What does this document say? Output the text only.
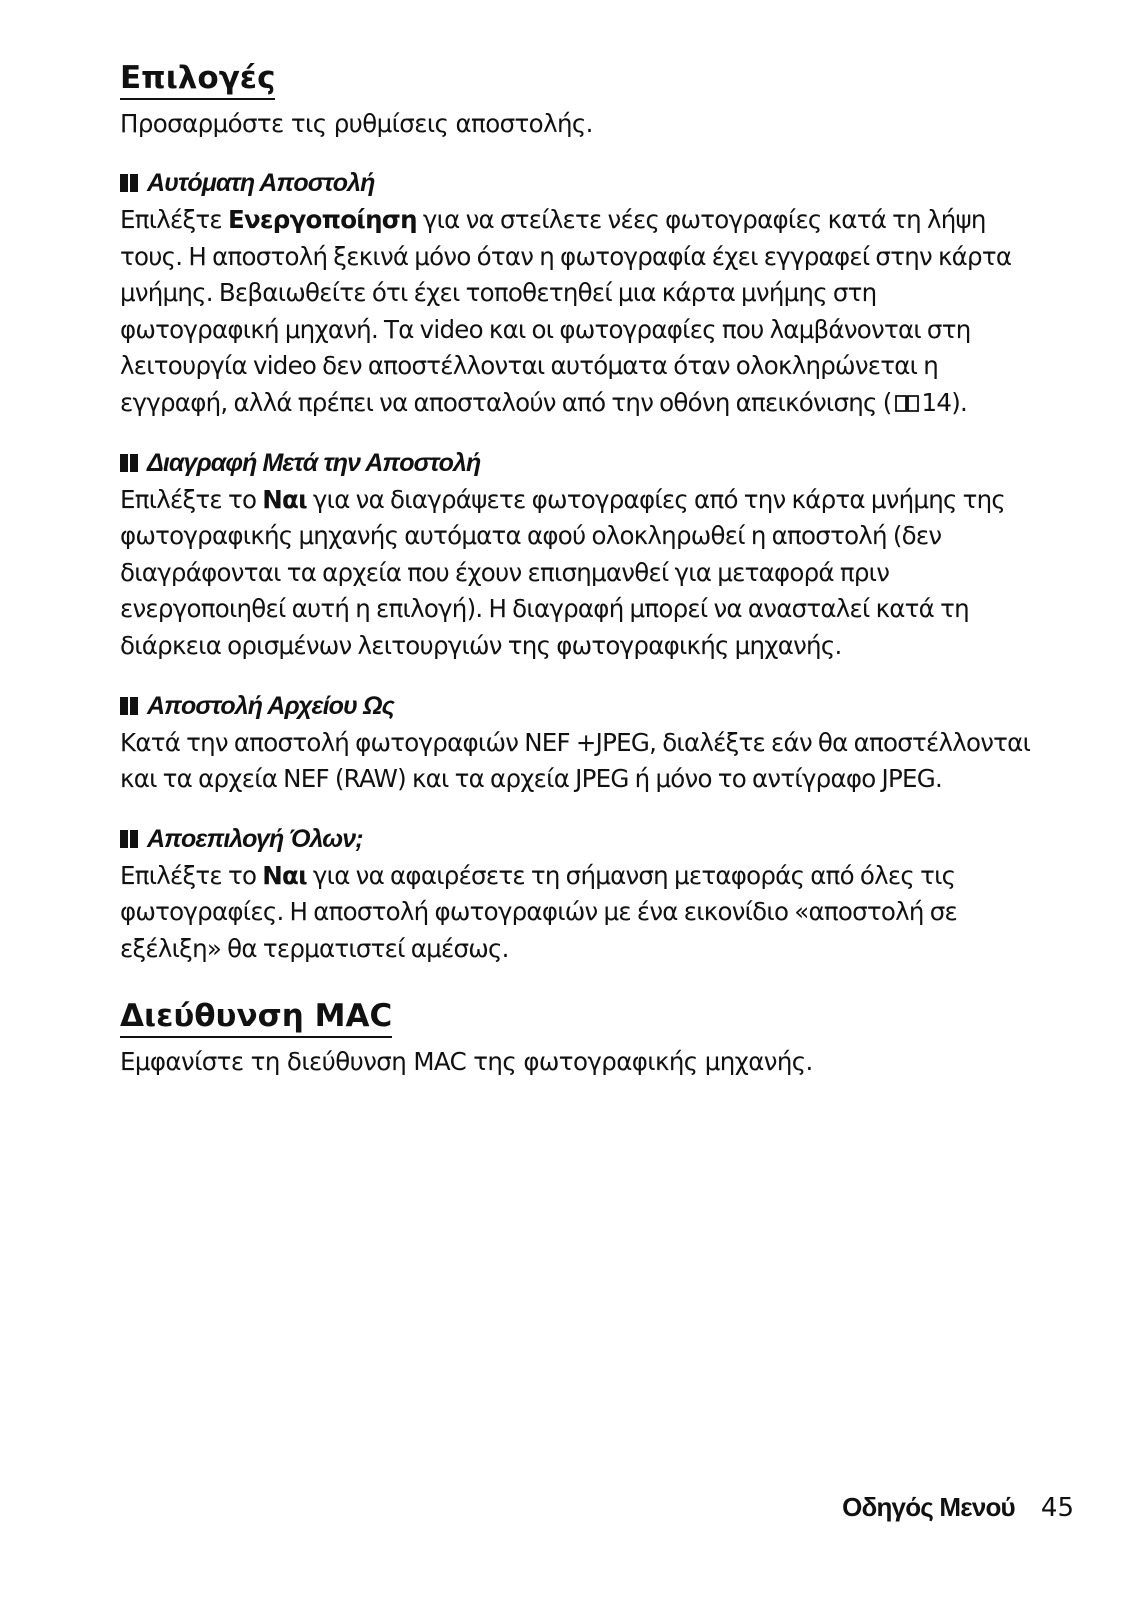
Επιλογές

Προσαρμόστε τις ρυθμίσεις αποστολής.

Αυτόματη Αποστολή

Επιλέξτε Ενεργοποίηση για να στείλετε νέες φωτογραφίες κατά τη λήψη τους. Η αποστολή ξεκινά μόνο όταν η φωτογραφία έχει εγγραφεί στην κάρτα μνήμης. Βεβαιωθείτε ότι έχει τοποθετηθεί μια κάρτα μνήμης στη φωτογραφική μηχανή. Τα video και οι φωτογραφίες που λαμβάνονται στη λειτουργία video δεν αποστέλλονται αυτόματα όταν ολοκληρώνεται η εγγραφή, αλλά πρέπει να αποσταλούν από την οθόνη απεικόνισης ( 14).

Διαγραφή Μετά την Αποστολή

Επιλέξτε το Ναι για να διαγράψετε φωτογραφίες από την κάρτα μνήμης της φωτογραφικής μηχανής αυτόματα αφού ολοκληρωθεί η αποστολή (δεν διαγράφονται τα αρχεία που έχουν επισημανθεί για μεταφορά πριν ενεργοποιηθεί αυτή η επιλογή). Η διαγραφή μπορεί να ανασταλεί κατά τη διάρκεια ορισμένων λειτουργιών της φωτογραφικής μηχανής.

Αποστολή Αρχείου Ως

Κατά την αποστολή φωτογραφιών NEF +JPEG, διαλέξτε εάν θα αποστέλλονται και τα αρχεία NEF (RAW) και τα αρχεία JPEG ή μόνο το αντίγραφο JPEG.

Αποεπιλογή Όλων;

Επιλέξτε το Ναι για να αφαιρέσετε τη σήμανση μεταφοράς από όλες τις φωτογραφίες. Η αποστολή φωτογραφιών με ένα εικονίδιο «αποστολή σε εξέλιξη» θα τερματιστεί αμέσως.

Διεύθυνση MAC

Εμφανίστε τη διεύθυνση MAC της φωτογραφικής μηχανής.

Οδηγός Μενού 45
